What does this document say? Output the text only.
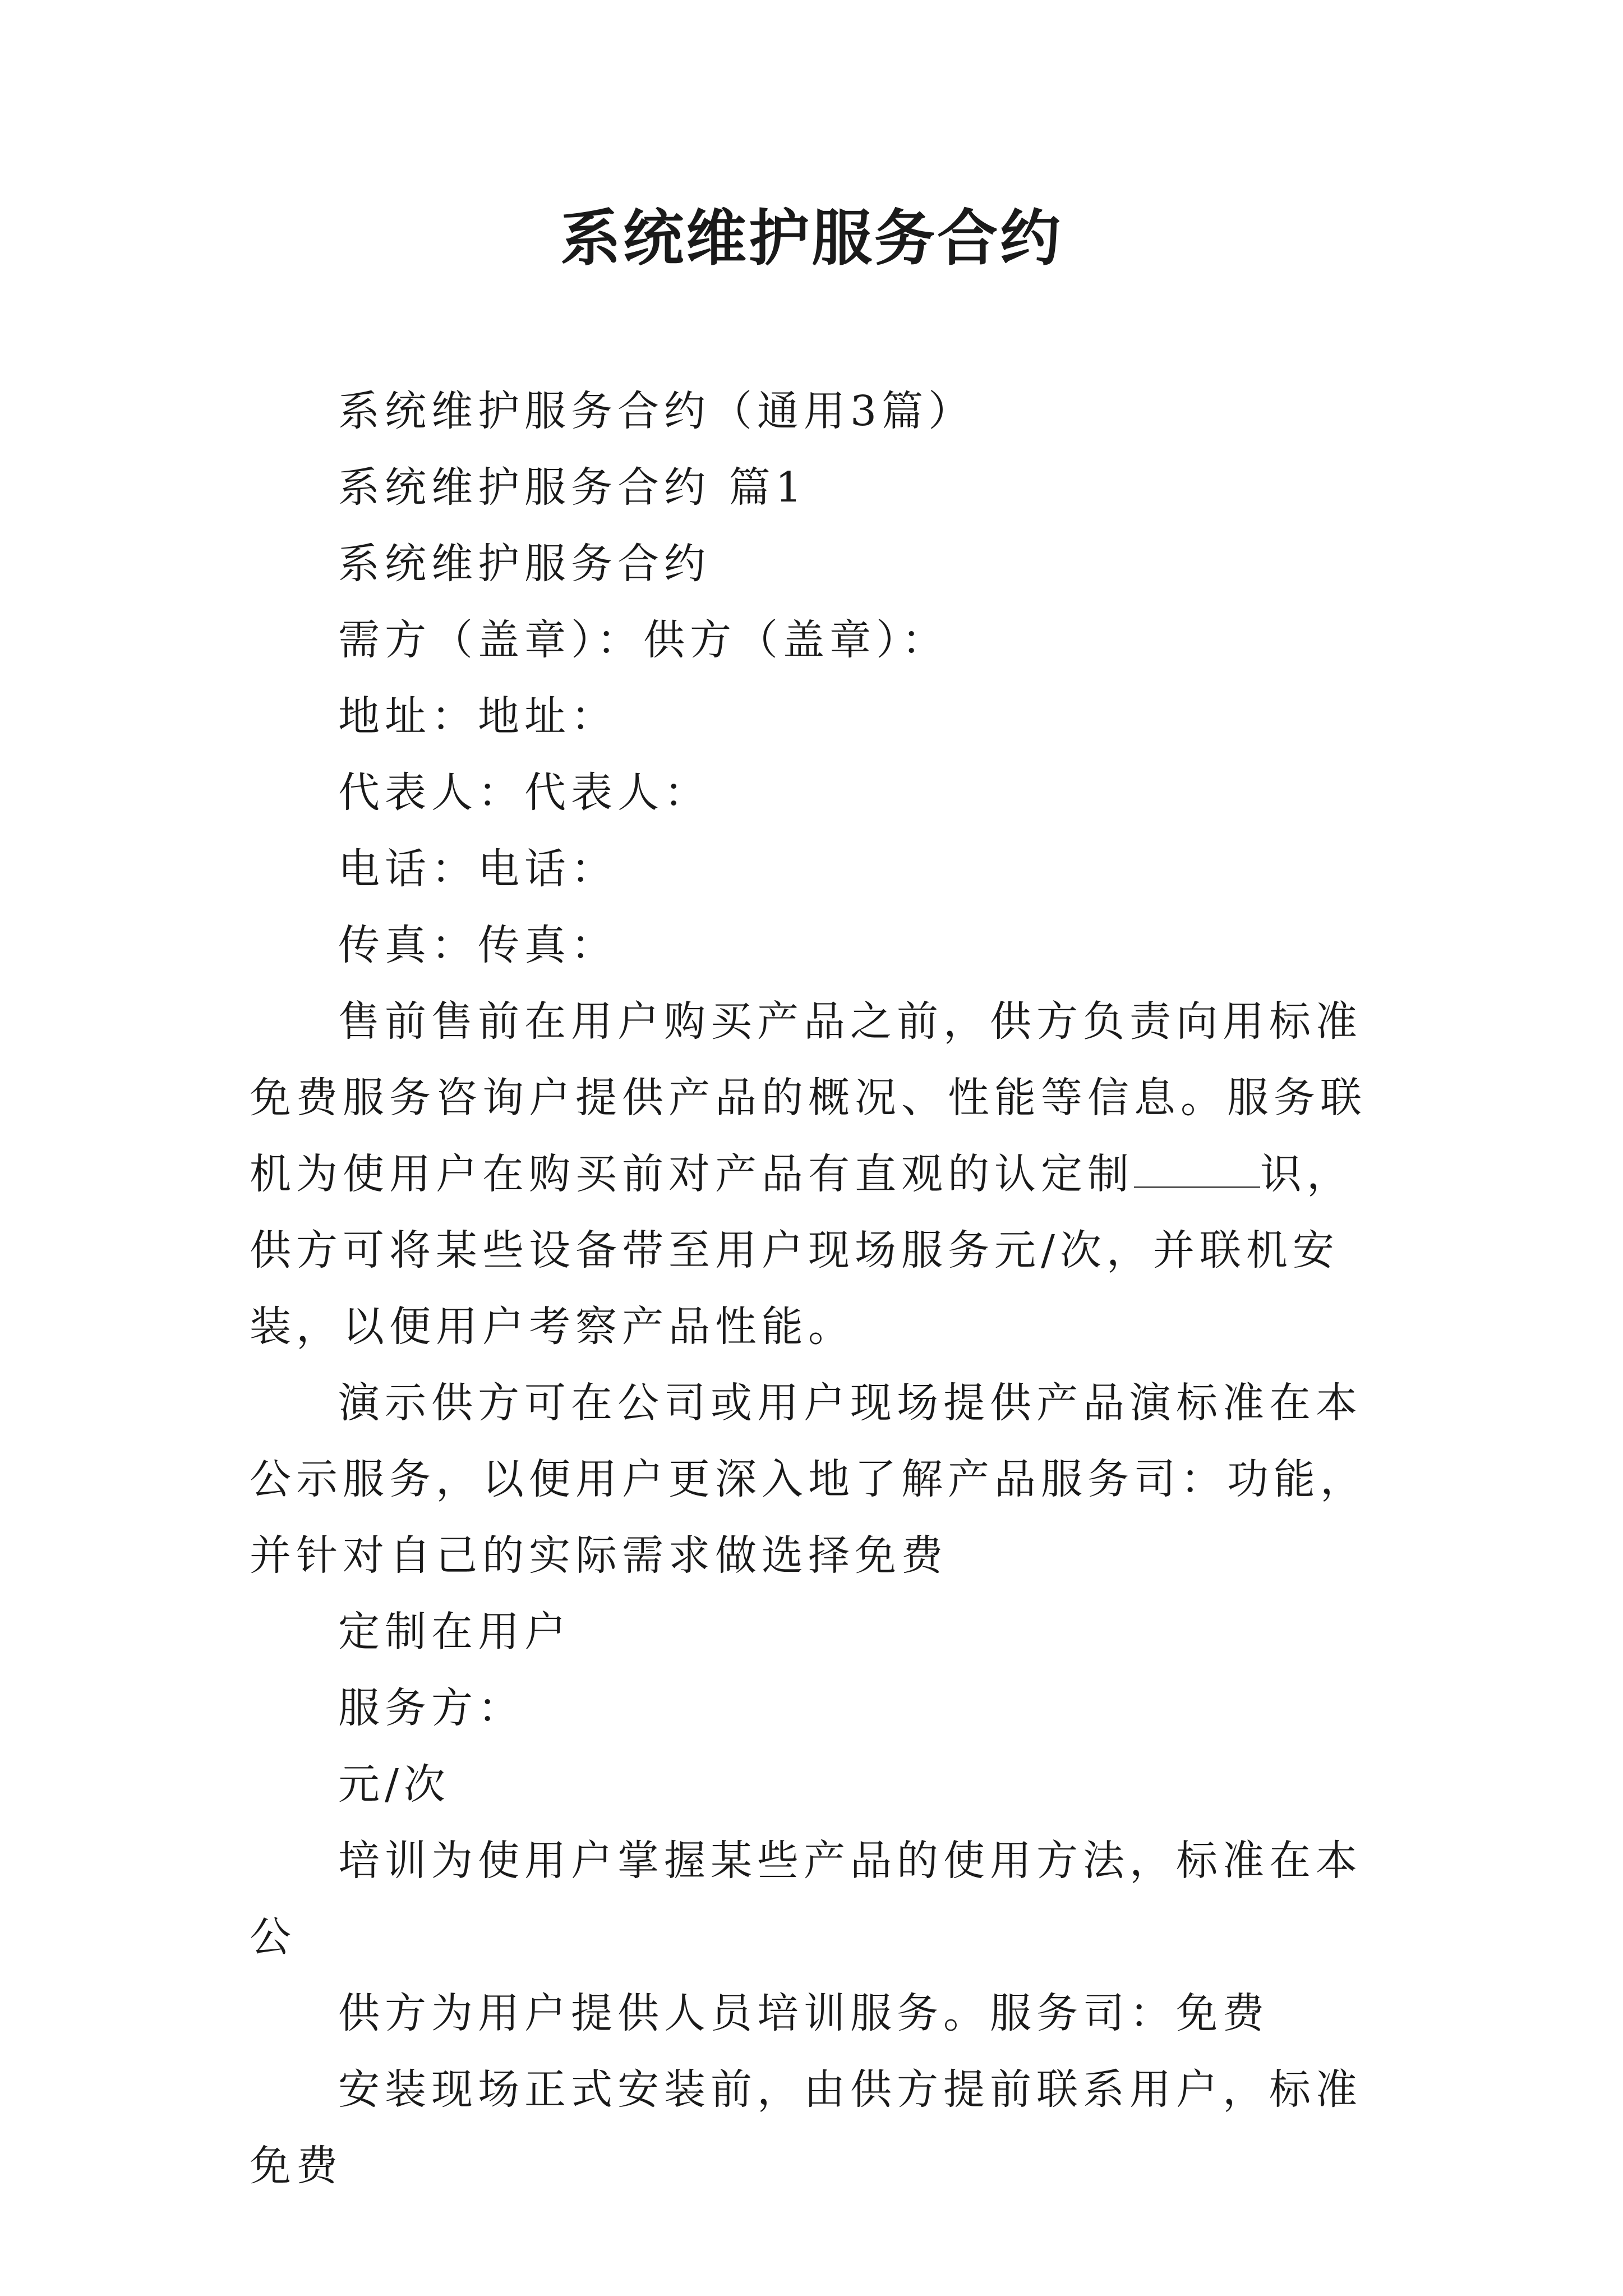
系统维护服务合约

系统维护服务合约（通用3篇）

系统维护服务合约 篇1

系统维护服务合约

需方（盖章）：供方（盖章）：

地址：地址：

代表人：代表人：

电话：电话：

传真：传真：

售前售前在用户购买产品之前，供方负责向用标准免费服务咨询户提供产品的概况、性能等信息。服务联机为使用户在购买前对产品有直观的认定制	识，供方可将某些设备带至用户现场服务元/次，并联机安装，以便用户考察产品性能。

演示供方可在公司或用户现场提供产品演标准在本公示服务，以便用户更深入地了解产品服务司：功能，并针对自己的实际需求做选择免费

定制在用户

服务方：

元/次

培训为使用户掌握某些产品的使用方法，标准在本公

供方为用户提供人员培训服务。服务司：免费

安装现场正式安装前，由供方提前联系用户，标准免费
